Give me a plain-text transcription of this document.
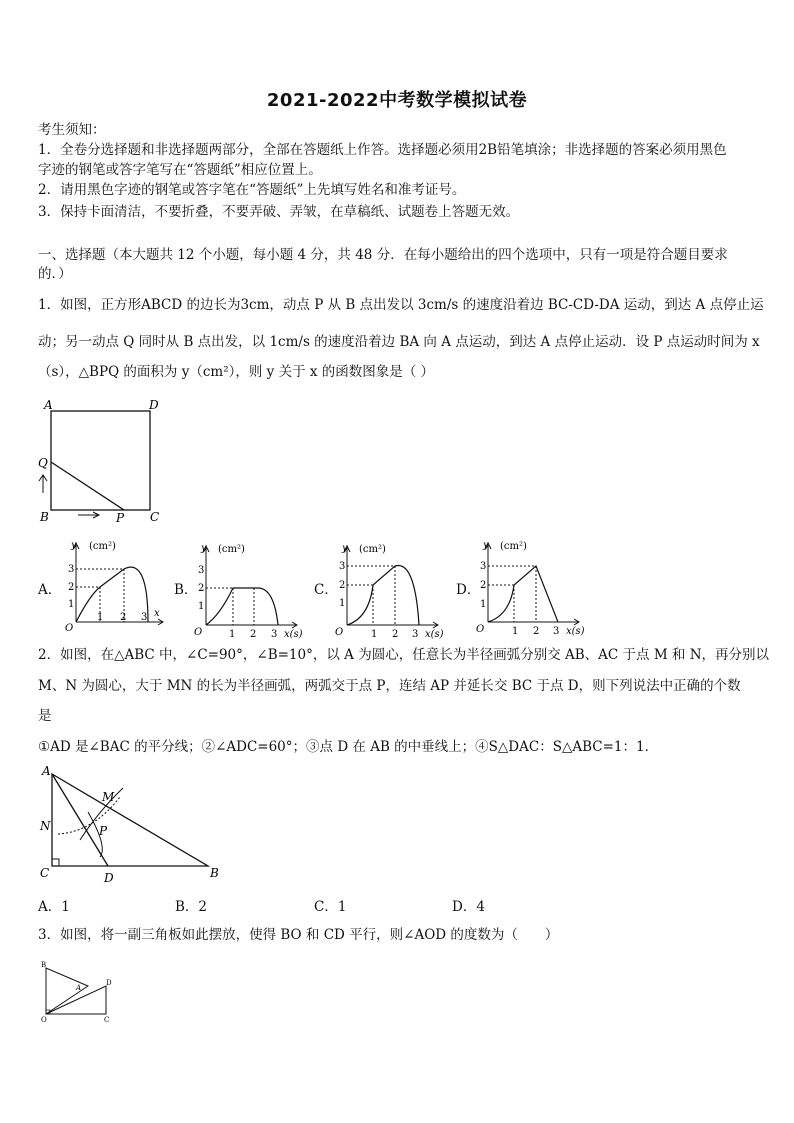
2021-2022中考数学模拟试卷
考生须知：
1．全卷分选择题和非选择题两部分，全部在答题纸上作答。选择题必须用2B铅笔填涂；非选择题的答案必须用黑色
字迹的钢笔或答字笔写在“答题纸”相应位置上。
2．请用黑色字迹的钢笔或答字笔在“答题纸”上先填写姓名和准考证号。
3．保持卡面清洁，不要折叠，不要弄破、弄皱，在草稿纸、试题卷上答题无效。
一、选择题（本大题共 12 个小题，每小题 4 分，共 48 分．在每小题给出的四个选项中，只有一项是符合题目要求
的．）
1．如图，正方形ABCD 的边长为3cm，动点 P 从 B 点出发以 3cm/s 的速度沿着边 BC-CD-DA 运动，到达 A 点停止运
动；另一动点 Q 同时从 B 点出发，以 1cm/s 的速度沿着边 BA 向 A 点运动，到达 A 点停止运动．设 P 点运动时间为 x
（s），△BPQ 的面积为 y（cm²），则 y 关于 x 的函数图象是（ ）
A	D
Q
B	P C
A．
y (cm²)
O
3
2
1
1 2 3 x
B．
y (cm²)
O
3
2
1
1 2 3 x(s)
C．
y (cm²)
O
3
2
1
1 2 3 x(s)
D．
y (cm²)
O
3
2
1
1 2 3 x(s)
2．如图，在△ABC 中，∠C=90°，∠B=10°，以 A 为圆心，任意长为半径画弧分别交 AB、AC 于点 M 和 N，再分别以
M、N 为圆心，大于 MN 的长为半径画弧，两弧交于点 P，连结 AP 并延长交 BC 于点 D，则下列说法中正确的个数
是
①AD 是∠BAC 的平分线；②∠ADC=60°；③点 D 在 AB 的中垂线上；④S△DAC：S△ABC=1：1．
A
M
N	P
C	D	B
A．1	B．2	C．1	D．4
3．如图，将一副三角板如此摆放，使得 BO 和 CD 平行，则∠AOD 的度数为（　　）
B
A
D
O	C
